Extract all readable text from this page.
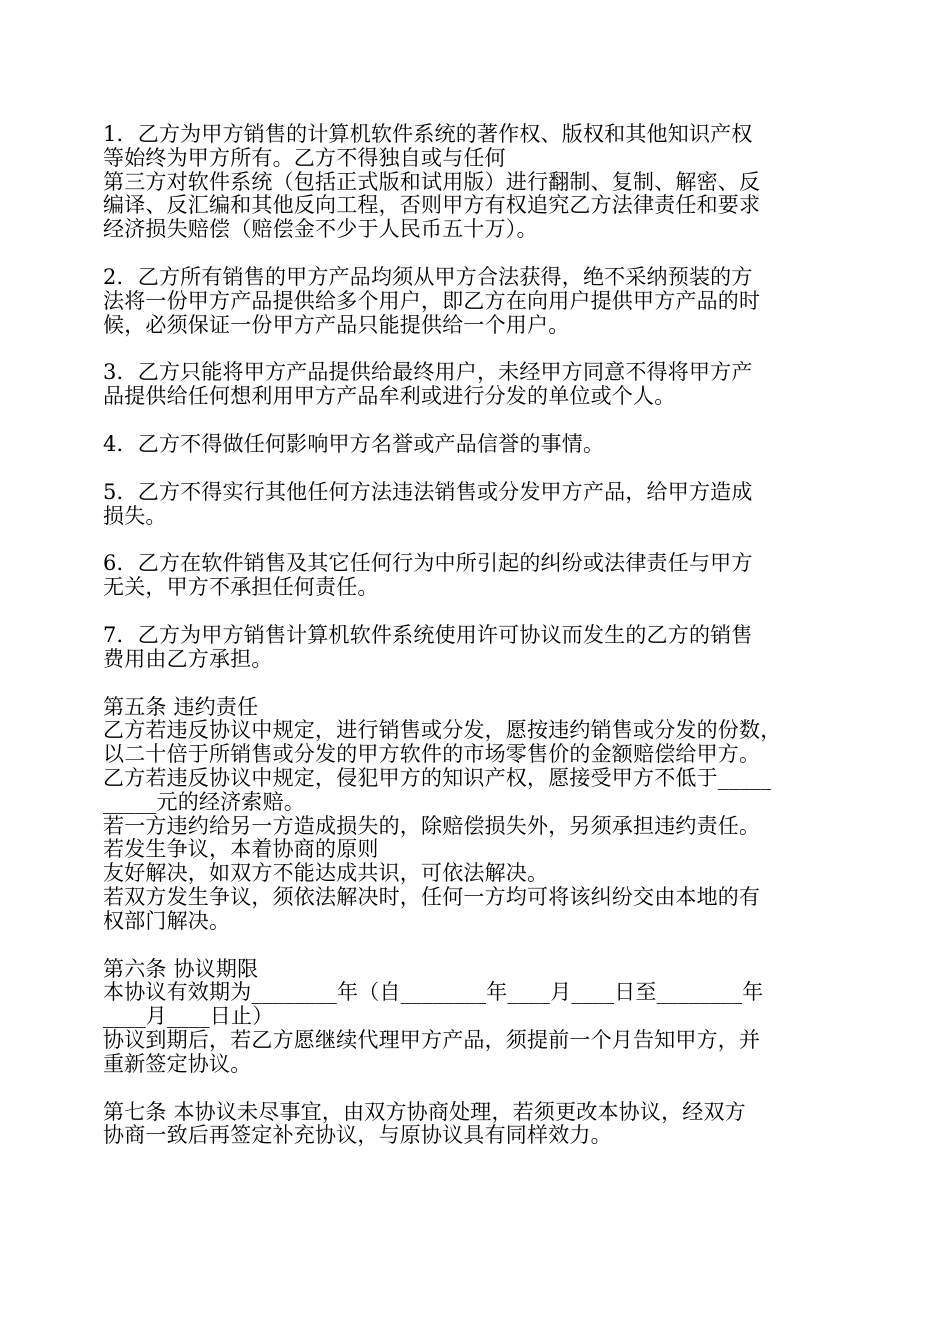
1．乙方为甲方销售的计算机软件系统的著作权、版权和其他知识产权
等始终为甲方所有。乙方不得独自或与任何
第三方对软件系统（包括正式版和试用版）进行翻制、复制、解密、反
编译、反汇编和其他反向工程，否则甲方有权追究乙方法律责任和要求
经济损失赔偿（赔偿金不少于人民币五十万）。
2．乙方所有销售的甲方产品均须从甲方合法获得，绝不采纳预装的方
法将一份甲方产品提供给多个用户，即乙方在向用户提供甲方产品的时
候，必须保证一份甲方产品只能提供给一个用户。
3．乙方只能将甲方产品提供给最终用户，未经甲方同意不得将甲方产
品提供给任何想利用甲方产品牟利或进行分发的单位或个人。
4．乙方不得做任何影响甲方名誉或产品信誉的事情。
5．乙方不得实行其他任何方法违法销售或分发甲方产品，给甲方造成
损失。
6．乙方在软件销售及其它任何行为中所引起的纠纷或法律责任与甲方
无关，甲方不承担任何责任。
7．乙方为甲方销售计算机软件系统使用许可协议而发生的乙方的销售
费用由乙方承担。
第五条 违约责任
乙方若违反协议中规定，进行销售或分发，愿按违约销售或分发的份数，
以二十倍于所销售或分发的甲方软件的市场零售价的金额赔偿给甲方。
乙方若违反协议中规定，侵犯甲方的知识产权，愿接受甲方不低于_____
_____元的经济索赔。
若一方违约给另一方造成损失的，除赔偿损失外，另须承担违约责任。
若发生争议，本着协商的原则
友好解决，如双方不能达成共识，可依法解决。
若双方发生争议，须依法解决时，任何一方均可将该纠纷交由本地的有
权部门解决。
第六条 协议期限
本协议有效期为________年（自________年____月____日至________年
____月____日止）
协议到期后，若乙方愿继续代理甲方产品，须提前一个月告知甲方，并
重新签定协议。
第七条 本协议未尽事宜，由双方协商处理，若须更改本协议，经双方
协商一致后再签定补充协议，与原协议具有同样效力。
